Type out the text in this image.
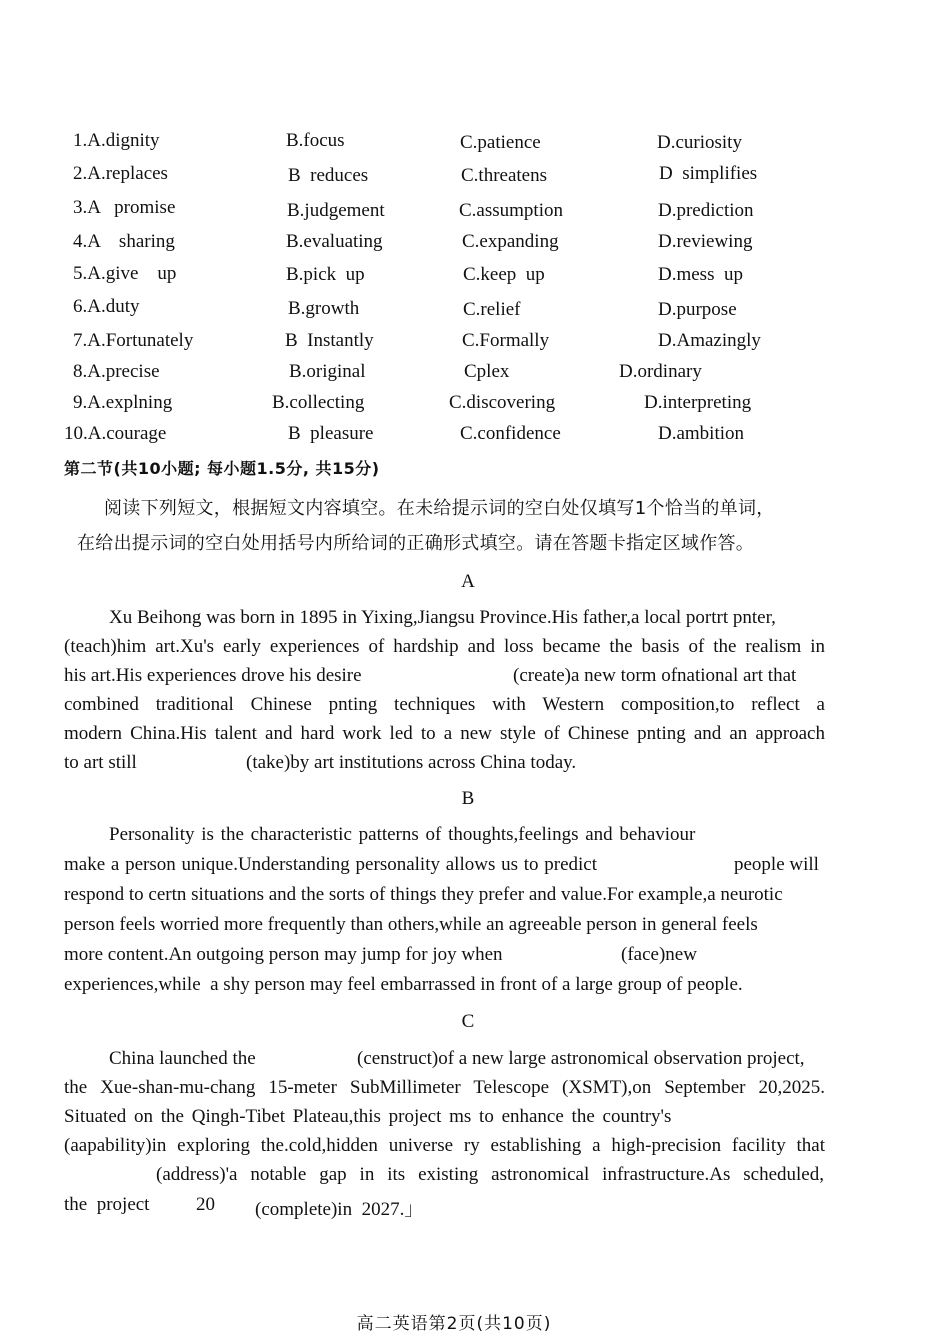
1.A.dignity	B.focus	C.patience	D.curiosity
2.A.replaces	B  reduces	C.threatens	D  simplifies
3.A   promise	B.judgement	C.assumption	D.prediction
4.A    sharing	B.evaluating	C.expanding	D.reviewing
5.A.give    up	B.pick  up	C.keep  up	D.mess  up
6.A.duty	B.growth	C.relief	D.purpose
7.A.Fortunately	B  Instantly	C.Formally	D.Amazingly
8.A.precise	B.original	Cplex	D.ordinary
9.A.explning	B.collecting	C.discovering	D.interpreting
10.A.courage	B  pleasure	C.confidence	D.ambition
第二节(共10小题; 每小题1.5分, 共15分)
阅读下列短文，根据短文内容填空。在未给提示词的空白处仅填写1个恰当的单词，
在给出提示词的空白处用括号内所给词的正确形式填空。请在答题卡指定区域作答。
A
Xu Beihong was born in 1895 in Yixing,Jiangsu Province.His father,a local portrt pnter,
(teach)him art.Xu's early experiences of hardship and loss became the basis of the realism in
his art.His experiences drove his desire	(create)a new torm ofnational art that
combined traditional Chinese pnting techniques with Western composition,to reflect a
modern China.His talent and hard work led to a new style of Chinese pnting and an approach
to art still	(take)by art institutions across China today.
B
Personality is the characteristic patterns of thoughts,feelings and behaviour
make a person unique.Understanding personality allows us to predict	people will
respond to certn situations and the sorts of things they prefer and value.For example,a neurotic
person feels worried more frequently than others,while an agreeable person in general feels
more content.An outgoing person may jump for joy when	(face)new
experiences,while  a shy person may feel embarrassed in front of a large group of people.
C
China launched the	(censtruct)of a new large astronomical observation project,
the Xue-shan-mu-chang 15-meter SubMillimeter Telescope (XSMT),on September 20,2025.
Situated on the Qingh-Tibet Plateau,this project ms to enhance the country's
(aapability)in exploring the.cold,hidden universe ry establishing a high-precision facility that
(address)'a notable gap in its existing astronomical infrastructure.As scheduled,
the  project 20 (complete)in  2027.」
高二英语第2页(共10页)
